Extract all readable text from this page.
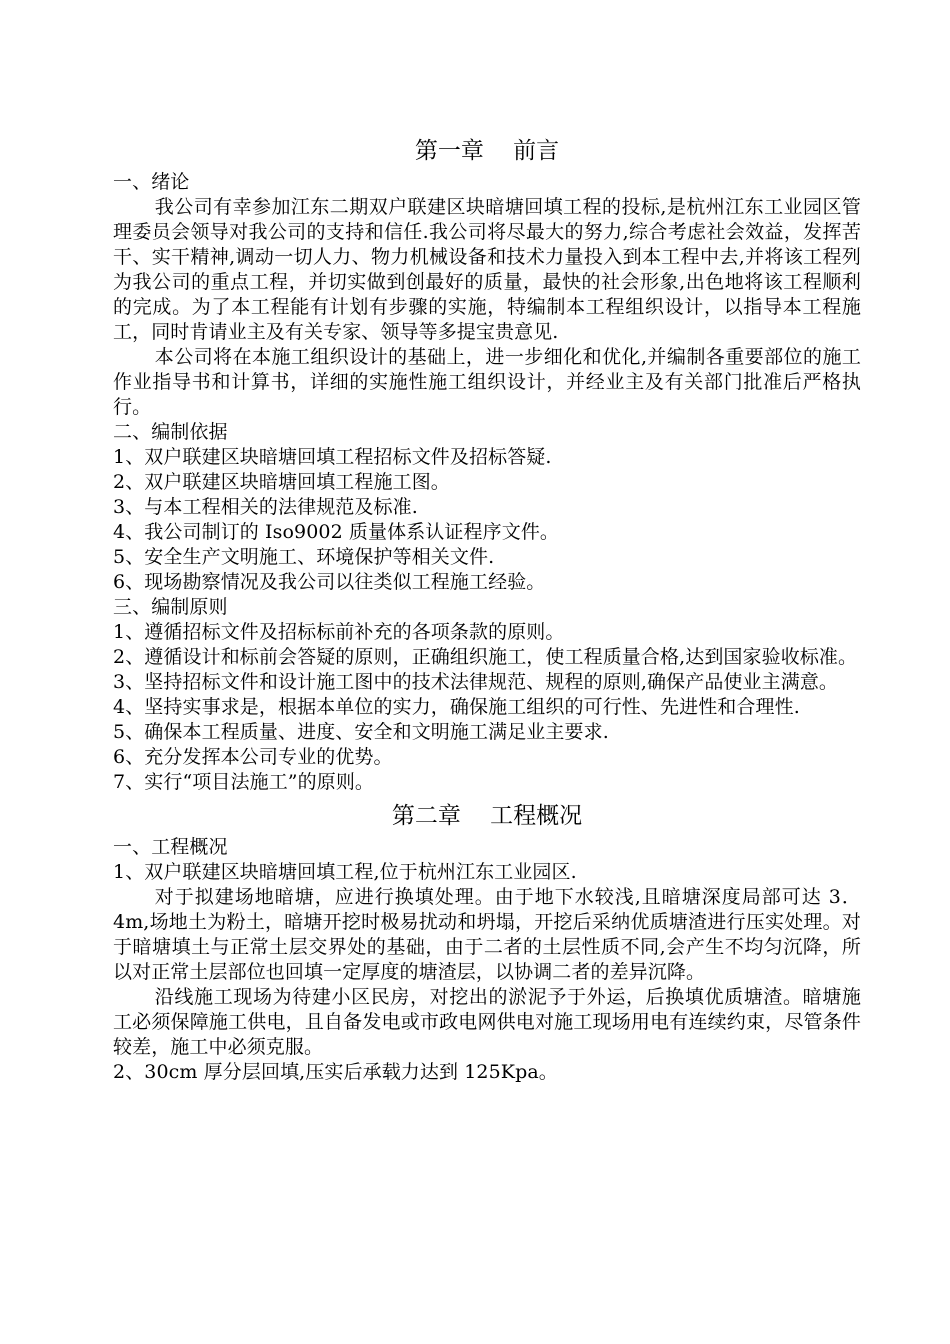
第一章    前言

一、绪论

我公司有幸参加江东二期双户联建区块暗塘回填工程的投标,是杭州江东工业园区管理委员会领导对我公司的支持和信任.我公司将尽最大的努力,综合考虑社会效益，发挥苦干、实干精神,调动一切人力、物力机械设备和技术力量投入到本工程中去,并将该工程列为我公司的重点工程，并切实做到创最好的质量，最快的社会形象,出色地将该工程顺利的完成。为了本工程能有计划有步骤的实施，特编制本工程组织设计，以指导本工程施工，同时肯请业主及有关专家、领导等多提宝贵意见.

本公司将在本施工组织设计的基础上，进一步细化和优化,并编制各重要部位的施工作业指导书和计算书，详细的实施性施工组织设计，并经业主及有关部门批准后严格执行。

二、编制依据

1、双户联建区块暗塘回填工程招标文件及招标答疑.

2、双户联建区块暗塘回填工程施工图。

3、与本工程相关的法律规范及标准.

4、我公司制订的 Iso9002 质量体系认证程序文件。

5、安全生产文明施工、环境保护等相关文件.

6、现场勘察情况及我公司以往类似工程施工经验。

三、编制原则

1、遵循招标文件及招标标前补充的各项条款的原则。

2、遵循设计和标前会答疑的原则，正确组织施工，使工程质量合格,达到国家验收标准。

3、坚持招标文件和设计施工图中的技术法律规范、规程的原则,确保产品使业主满意。

4、坚持实事求是，根据本单位的实力，确保施工组织的可行性、先进性和合理性.

5、确保本工程质量、进度、安全和文明施工满足业主要求.

6、充分发挥本公司专业的优势。

7、实行“项目法施工”的原则。

第二章    工程概况

一、工程概况

1、双户联建区块暗塘回填工程,位于杭州江东工业园区.

对于拟建场地暗塘，应进行换填处理。由于地下水较浅,且暗塘深度局部可达 3．4m,场地土为粉土，暗塘开挖时极易扰动和坍塌，开挖后采纳优质塘渣进行压实处理。对于暗塘填土与正常土层交界处的基础，由于二者的土层性质不同,会产生不均匀沉降，所以对正常土层部位也回填一定厚度的塘渣层，以协调二者的差异沉降。

沿线施工现场为待建小区民房，对挖出的淤泥予于外运，后换填优质塘渣。暗塘施工必须保障施工供电，且自备发电或市政电网供电对施工现场用电有连续约束，尽管条件较差，施工中必须克服。

2、30cm 厚分层回填,压实后承载力达到 125Kpa。
